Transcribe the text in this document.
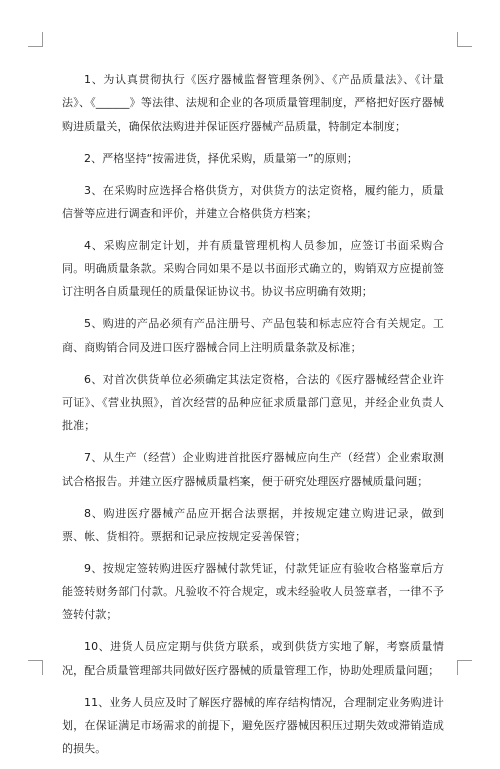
1、为认真贯彻执行《医疗器械监督管理条例》、《产品质量法》、《计量法》、《______》等法律、法规和企业的各项质量管理制度，严格把好医疗器械购进质量关，确保依法购进并保证医疗器械产品质量，特制定本制度；

2、严格坚持“按需进货，择优采购，质量第一”的原则；

3、在采购时应选择合格供货方，对供货方的法定资格，履约能力，质量信誉等应进行调查和评价，并建立合格供货方档案；

4、采购应制定计划，并有质量管理机构人员参加，应签订书面采购合同。明确质量条款。采购合同如果不是以书面形式确立的，购销双方应提前签订注明各自质量现任的质量保证协议书。协议书应明确有效期；

5、购进的产品必须有产品注册号、产品包装和标志应符合有关规定。工商、商购销合同及进口医疗器械合同上注明质量条款及标准；

6、对首次供货单位必须确定其法定资格，合法的《医疗器械经营企业许可证》、《营业执照》，首次经营的品种应征求质量部门意见，并经企业负责人批准；

7、从生产（经营）企业购进首批医疗器械应向生产（经营）企业索取测试合格报告。并建立医疗器械质量档案，便于研究处理医疗器械质量问题；

8、购进医疗器械产品应开据合法票据，并按规定建立购进记录，做到票、帐、货相符。票据和记录应按规定妥善保管；

9、按规定签转购进医疗器械付款凭证，付款凭证应有验收合格鉴章后方能签转财务部门付款。凡验收不符合规定，或未经验收人员签章者，一律不予签转付款；

10、进货人员应定期与供货方联系，或到供货方实地了解，考察质量情况，配合质量管理部共同做好医疗器械的质量管理工作，协助处理质量问题；

11、业务人员应及时了解医疗器械的库存结构情况，合理制定业务购进计划，在保证满足市场需求的前提下，避免医疗器械因积压过期失效或滞销造成的损失。
